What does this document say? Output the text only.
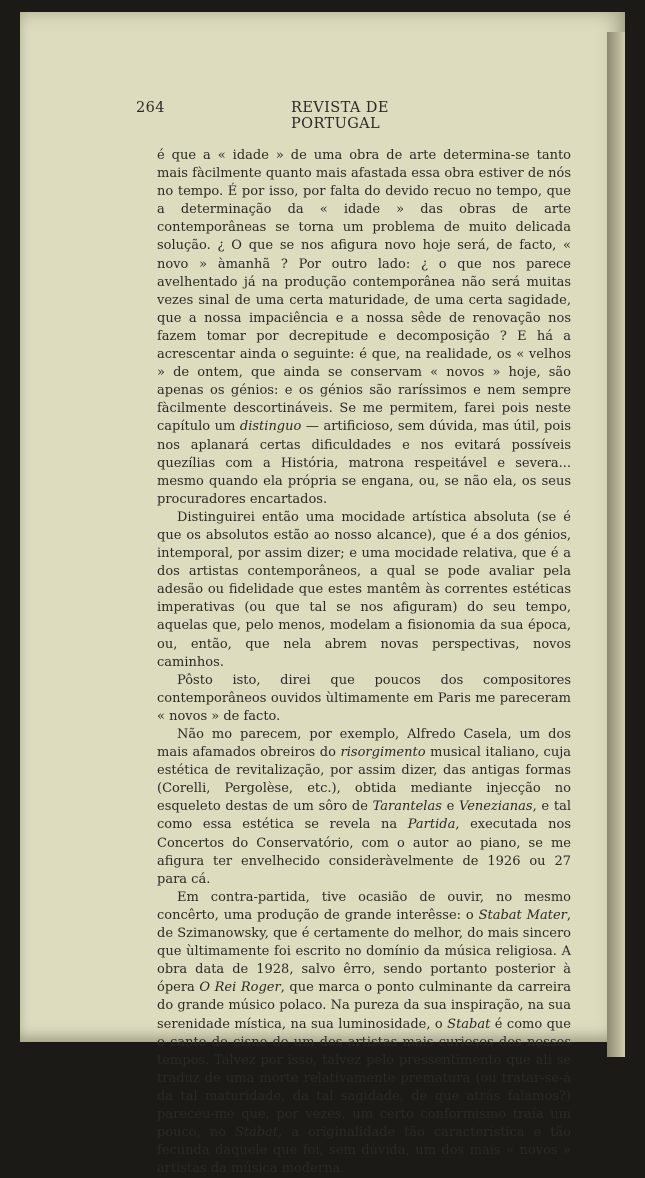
264	REVISTA DE PORTUGAL

é que a « idade » de uma obra de arte determina-se tanto mais fàcilmente quanto mais afastada essa obra estiver de nós no tempo. É por isso, por falta do devido recuo no tempo, que a determinação da « idade » das obras de arte contemporâneas se torna um problema de muito delicada solução. ¿ O que se nos afigura novo hoje será, de facto, « novo » àmanhã ? Por outro lado: ¿ o que nos parece avelhentado já na produção contemporânea não será muitas vezes sinal de uma certa maturidade, de uma certa sagidade, que a nossa impaciência e a nossa sêde de renovação nos fazem tomar por decrepitude e decomposição ? E há a acrescentar ainda o seguinte: é que, na realidade, os « velhos » de ontem, que ainda se conservam « novos » hoje, são apenas os génios: e os génios são raríssimos e nem sempre fàcilmente descortináveis. Se me permitem, farei pois neste capítulo um distinguo — artificioso, sem dúvida, mas útil, pois nos aplanará certas dificuldades e nos evitará possíveis quezílias com a História, matrona respeitável e severa... mesmo quando ela própria se engana, ou, se não ela, os seus procuradores encartados.

Distinguirei então uma mocidade artística absoluta (se é que os absolutos estão ao nosso alcance), que é a dos génios, intemporal, por assim dizer; e uma mocidade relativa, que é a dos artistas contemporâneos, a qual se pode avaliar pela adesão ou fidelidade que estes mantêm às correntes estéticas imperativas (ou que tal se nos afiguram) do seu tempo, aquelas que, pelo menos, modelam a fisionomia da sua época, ou, então, que nela abrem novas perspectivas, novos caminhos.

Pôsto isto, direi que poucos dos compositores contemporâneos ouvidos ùltimamente em Paris me pareceram « novos » de facto.

Não mo parecem, por exemplo, Alfredo Casela, um dos mais afamados obreiros do risorgimento musical italiano, cuja estética de revitalização, por assim dizer, das antigas formas (Corelli, Pergolèse, etc.), obtida mediante injecção no esqueleto destas de um sôro de Tarantelas e Venezianas, e tal como essa estética se revela na Partida, executada nos Concertos do Conservatório, com o autor ao piano, se me afigura ter envelhecido consideràvelmente de 1926 ou 27 para cá.

Em contra-partida, tive ocasião de ouvir, no mesmo concêrto, uma produção de grande interêsse: o Stabat Mater, de Szimanowsky, que é certamente do melhor, do mais sincero que ùltimamente foi escrito no domínio da música religiosa. A obra data de 1928, salvo êrro, sendo portanto posterior à ópera O Rei Roger, que marca o ponto culminante da carreira do grande músico polaco. Na pureza da sua inspiração, na sua serenidade mística, na sua luminosidade, o Stabat é como que o canto do cisne de um dos artistas mais curiosos dos nossos tempos. Talvez por isso, talvez pelo pressentimento que ali se traduz de uma morte relativamente prematura (ou tratar-se-á da tal maturidade, da tal sagidade, de que atrás falamos?) pareceu-me que, por vezes, um certo conformismo traía um pouco, no Stabat, a originalidade tão característica e tão fecunda daquele que foi, sem dúvida, um dos mais « novos » artistas da música moderna.
